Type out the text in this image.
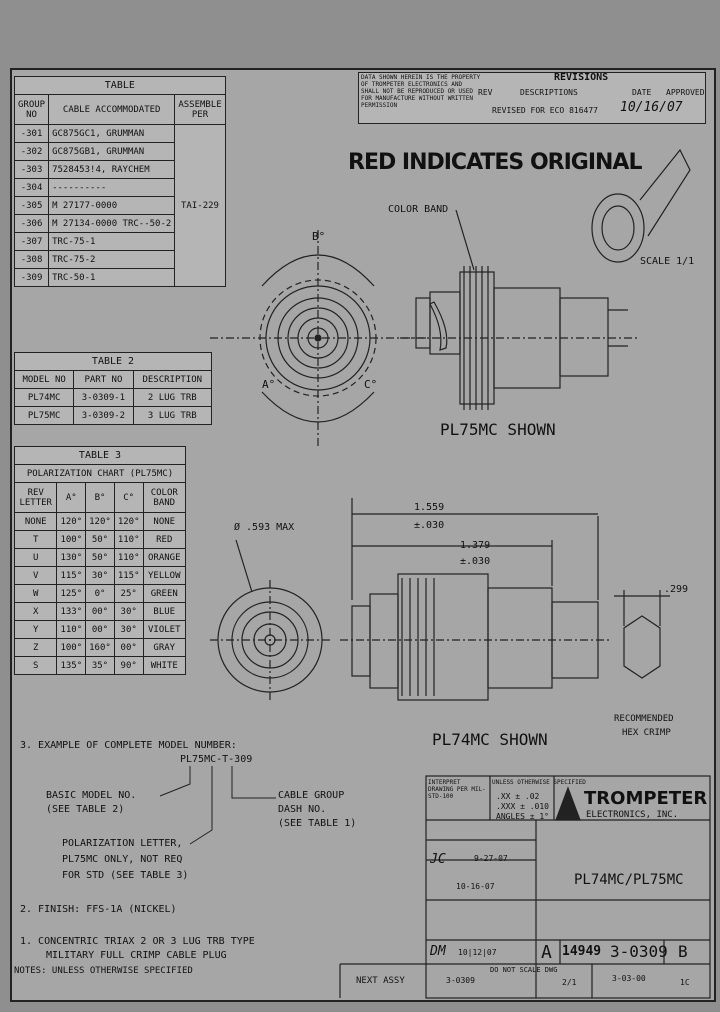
TABLE		
GROUP NO	CABLE ACCOMMODATED	ASSEMBLE PER
-301	GC875GC1, GRUMMAN	TAI-229
-302	GC875GB1, GRUMMAN	
-303	7528453!4, RAYCHEM	
-304	----------	
-305	M 27177-0000	
-306	M 27134-0000 TRC--50-2	
-307	TRC-75-1	
-308	TRC-75-2	
-309	TRC-50-1	
TABLE 2		
MODEL NO	PART NO	DESCRIPTION
PL74MC	3-0309-1	2 LUG TRB
PL75MC	3-0309-2	3 LUG TRB
TABLE 3				
POLARIZATION CHART (PL75MC)				
REV LETTER	A°	B°	C°	COLOR BAND
NONE	120°	120°	120°	NONE
T	100°	50°	110°	RED
U	130°	50°	110°	ORANGE
V	115°	30°	115°	YELLOW
W	125°	0°	25°	GREEN
X	133°	00°	30°	BLUE
Y	110°	00°	30°	VIOLET
Z	100°	160°	00°	GRAY
S	135°	35°	90°	WHITE
3. EXAMPLE OF COMPLETE MODEL NUMBER:
PL75MC-T-309
BASIC MODEL NO.
(SEE TABLE 2)
CABLE GROUP
DASH NO.
(SEE TABLE 1)
POLARIZATION LETTER,
PL75MC ONLY, NOT REQ
FOR STD (SEE TABLE 3)
2. FINISH: FFS-1A (NICKEL)
1. CONCENTRIC TRIAX 2 OR 3 LUG TRB TYPE
MILITARY FULL CRIMP CABLE PLUG
NOTES: UNLESS OTHERWISE SPECIFIED
DATA SHOWN HEREIN IS THE PROPERTY OF TROMPETER ELECTRONICS AND SHALL NOT BE REPRODUCED OR USED FOR MANUFACTURE WITHOUT WRITTEN PERMISSION
REVISIONS
REV	DESCRIPTIONS	DATE APPROVED
REVISED FOR ECO 816477 10/16/07
RED INDICATES ORIGINAL
COLOR BAND
SCALE 1/1
B°
A°	C°
PL75MC SHOWN
Ø .593 MAX
1.559
±.030
1.379
±.030
.299
RECOMMENDED
HEX CRIMP
PL74MC SHOWN
INTERPRET DRAWING PER MIL-STD-100
UNLESS OTHERWISE SPECIFIED
.XX ± .02
.XXX ± .010
ANGLES ± 1°
TROMPETER
ELECTRONICS, INC.
JC	9-27-07
10-16-07
DM 10|12|07
PL74MC/PL75MC
A 14949 3-0309 B
NEXT ASSY	3-0309
DO NOT SCALE DWG
2/1	3-03-00	1C
